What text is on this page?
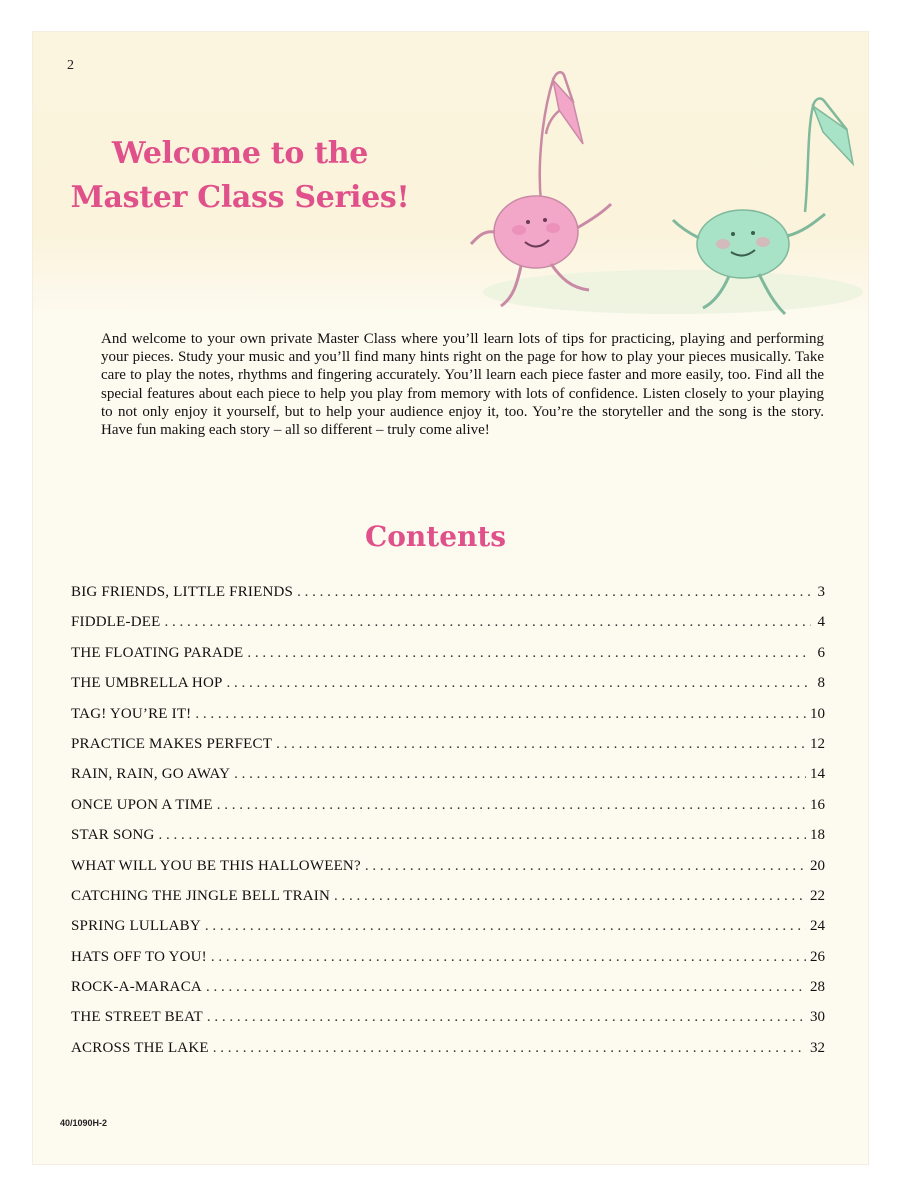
2
Welcome to the
Master Class Series!

And welcome to your own private Master Class where you’ll learn lots of tips for practicing, playing and performing your pieces. Study your music and you’ll find many hints right on the page for how to play your pieces musically. Take care to play the notes, rhythms and fingering accurately. You’ll learn each piece faster and more easily, too. Find all the special features about each piece to help you play from memory with lots of confidence. Listen closely to your playing to not only enjoy it yourself, but to help your audience enjoy it, too. You’re the storyteller and the song is the story. Have fun making each story – all so different – truly come alive!

Contents
BIG FRIENDS, LITTLE FRIENDS . . .	3
FIDDLE-DEE . . .	4
THE FLOATING PARADE . . .	6
THE UMBRELLA HOP . . .	8
TAG! YOU’RE IT! . . .	10
PRACTICE MAKES PERFECT . . .	12
RAIN, RAIN, GO AWAY . . .	14
ONCE UPON A TIME . . .	16
STAR SONG . . .	18
WHAT WILL YOU BE THIS HALLOWEEN? . . .	20
CATCHING THE JINGLE BELL TRAIN . . .	22
SPRING LULLABY . . .	24
HATS OFF TO YOU! . . .	26
ROCK-A-MARACA . . .	28
THE STREET BEAT . . .	30
ACROSS THE LAKE . . .	32
40/1090H-2
